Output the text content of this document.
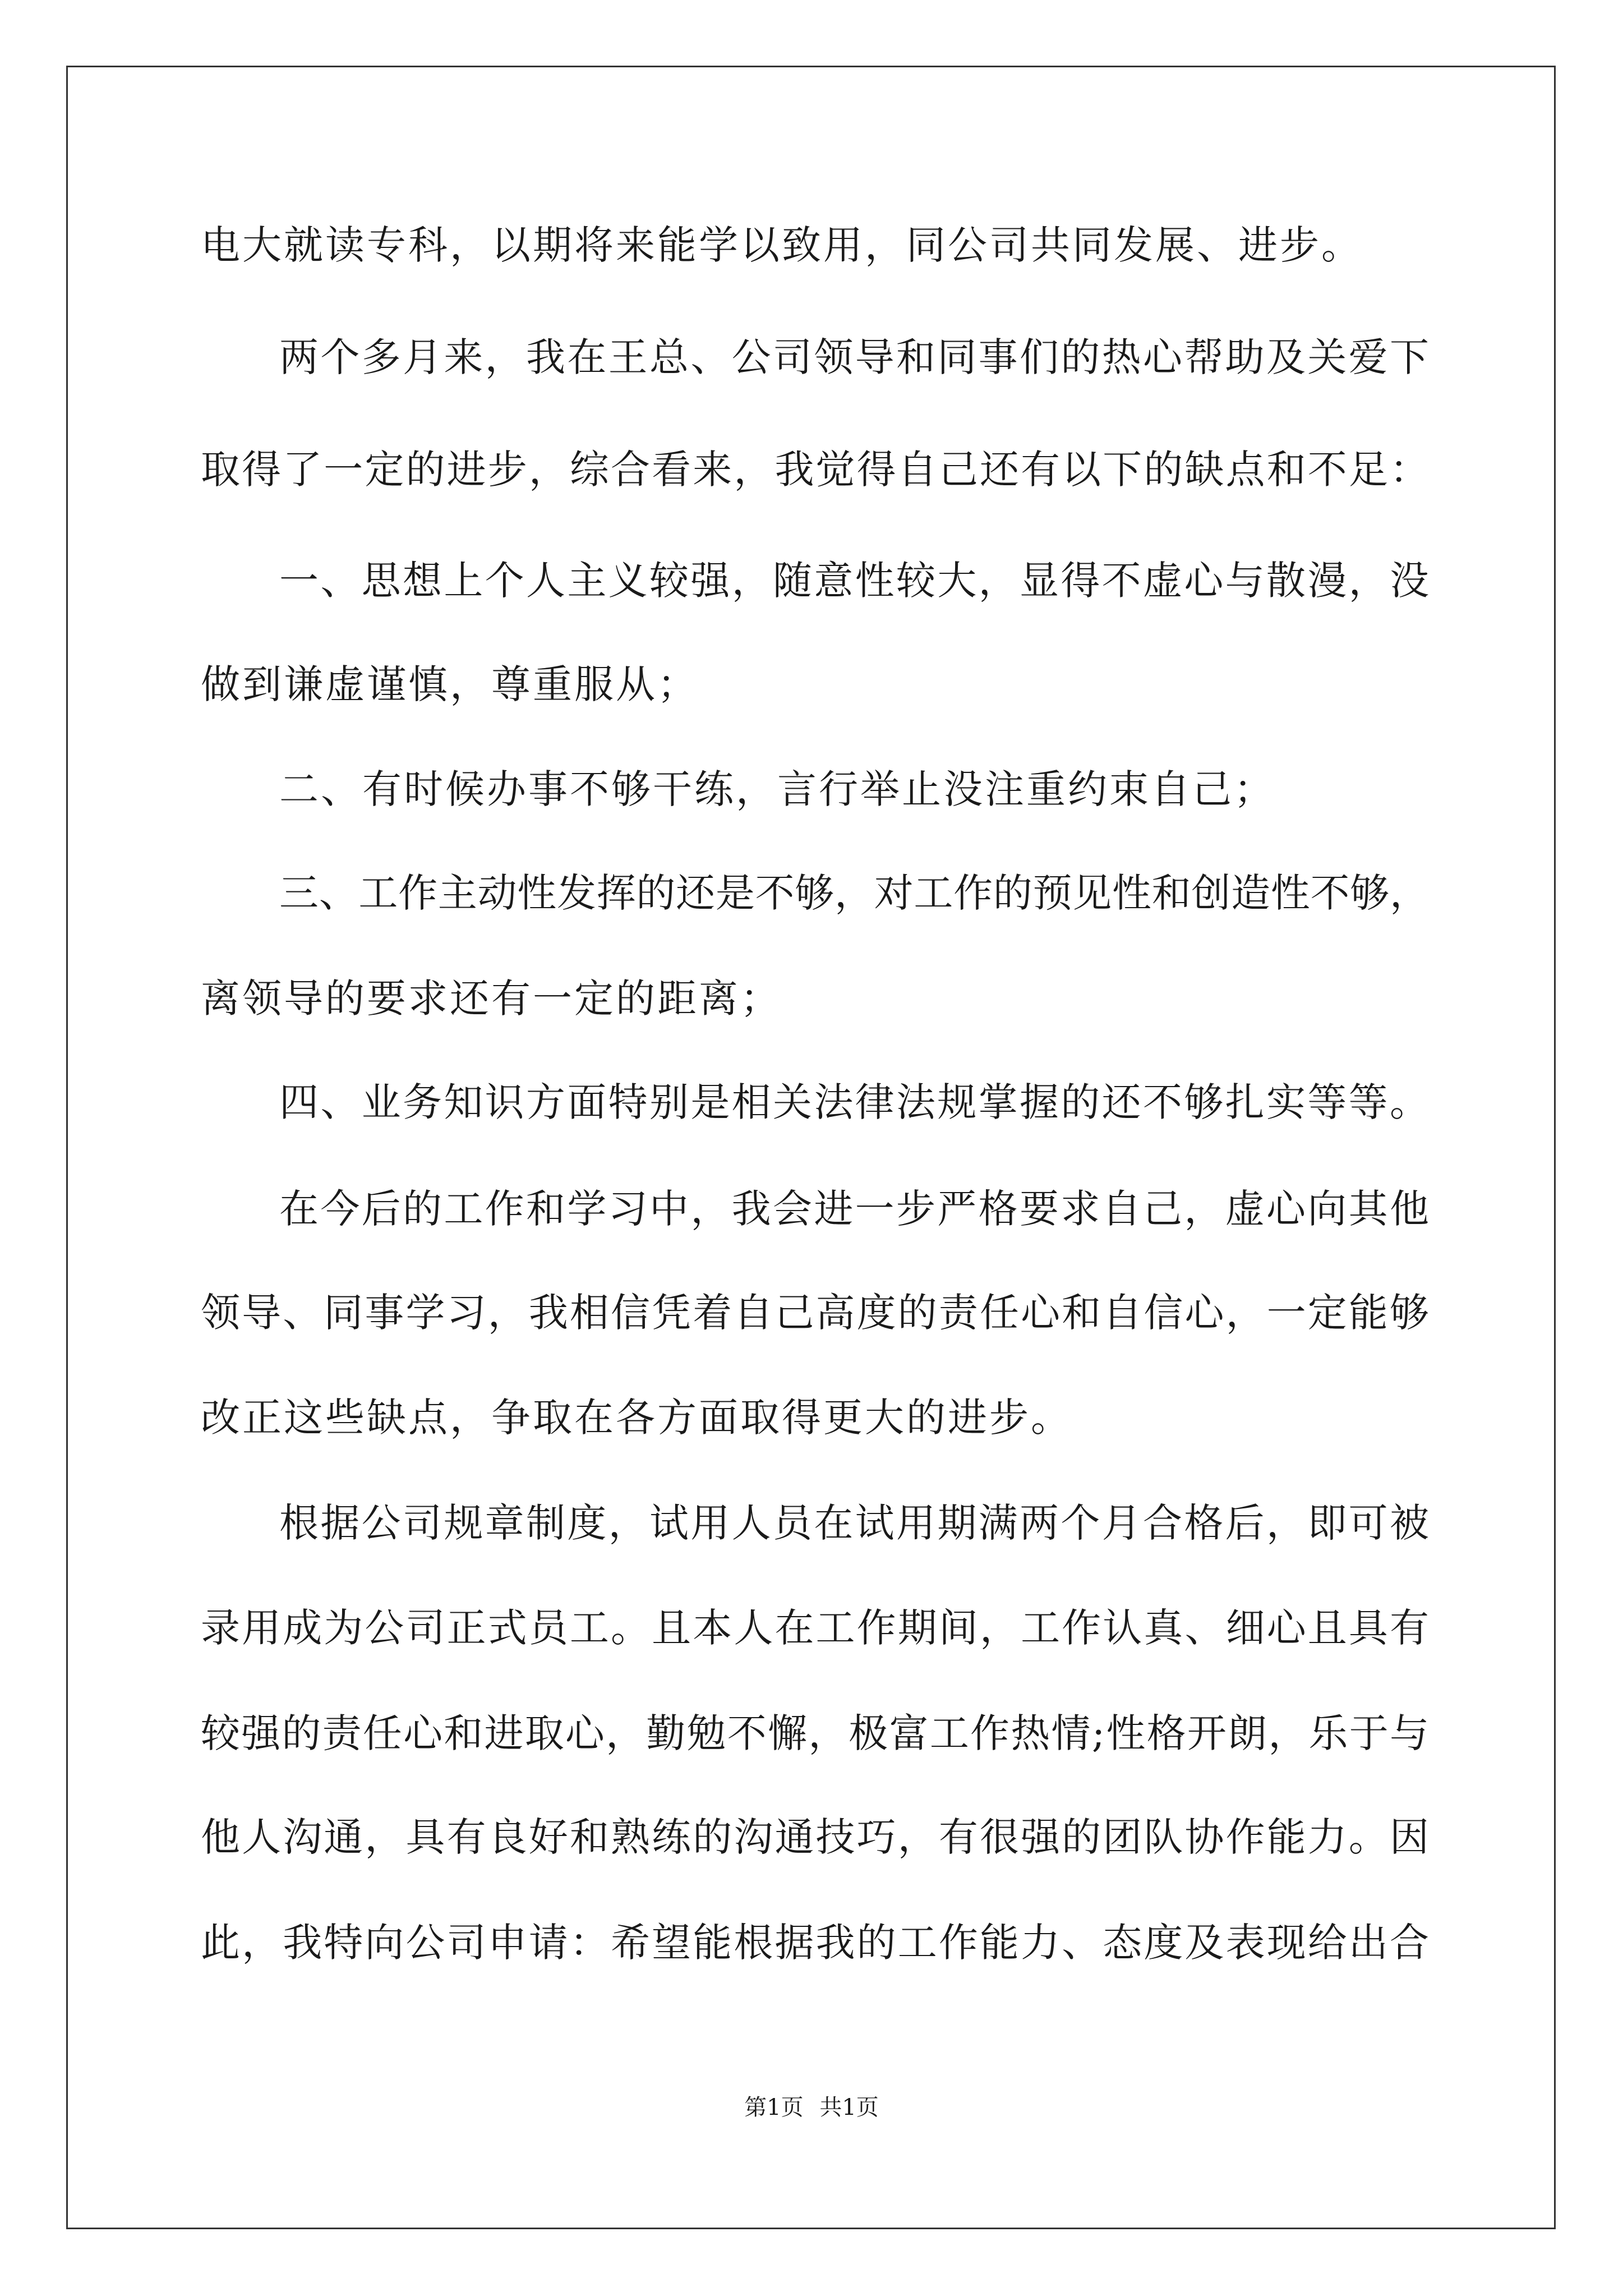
电大就读专科，以期将来能学以致用，同公司共同发展、进步。
两个多月来，我在王总、公司领导和同事们的热心帮助及关爱下
取得了一定的进步，综合看来，我觉得自己还有以下的缺点和不足：
一、思想上个人主义较强，随意性较大，显得不虚心与散漫，没
做到谦虚谨慎，尊重服从；
二、有时候办事不够干练，言行举止没注重约束自己；
三、工作主动性发挥的还是不够，对工作的预见性和创造性不够，
离领导的要求还有一定的距离；
四、业务知识方面特别是相关法律法规掌握的还不够扎实等等。
在今后的工作和学习中，我会进一步严格要求自己，虚心向其他
领导、同事学习，我相信凭着自己高度的责任心和自信心，一定能够
改正这些缺点，争取在各方面取得更大的进步。
根据公司规章制度，试用人员在试用期满两个月合格后，即可被
录用成为公司正式员工。且本人在工作期间，工作认真、细心且具有
较强的责任心和进取心，勤勉不懈，极富工作热情;性格开朗，乐于与
他人沟通，具有良好和熟练的沟通技巧，有很强的团队协作能力。因
此，我特向公司申请：希望能根据我的工作能力、态度及表现给出合
第1页 共1页
